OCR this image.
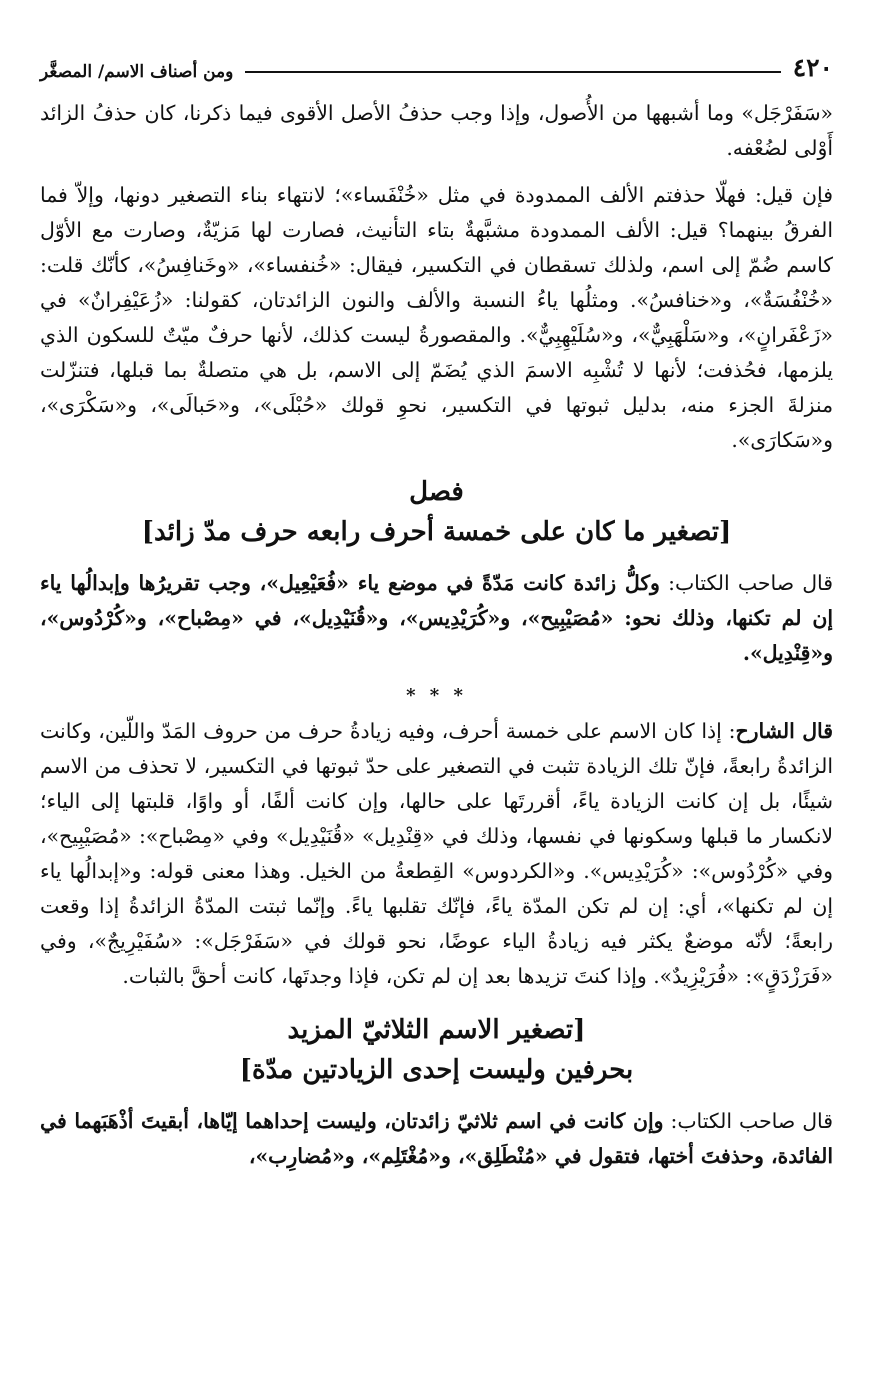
٤٢٠
ومن أصناف الاسم/ المصغَّر

«سَفَرْجَل» وما أشبهها من الأُصول، وإذا وجب حذفُ الأصل الأقوى فيما ذكرنا، كان حذفُ الزائد أَوْلى لضُعْفه.

فإن قيل: فهلّا حذفتم الألف الممدودة في مثل «خُنْفَساء»؛ لانتهاء بناء التصغير دونها، وإلاّ فما الفرقُ بينهما؟ قيل: الألف الممدودة مشبَّهةٌ بتاء التأنيث، فصارت لها مَزيّةٌ، وصارت مع الأوّل كاسم ضُمّ إلى اسم، ولذلك تسقطان في التكسير، فيقال: «خُنفساء»، «وخَنافِسُ»، كأنّك قلت: «خُنْفُسَةٌ»، و«خنافسُ». ومثلُها ياءُ النسبة والألف والنون الزائدتان، كقولنا: «زُعَيْفِرانٌ» في «زَعْفَرانٍ»، و«سَلْهَبِيٌّ»، و«سُلَيْهِبِيٌّ». والمقصورةُ ليست كذلك، لأنها حرفٌ ميّتٌ للسكون الذي يلزمها، فحُذفت؛ لأنها لا تُشْبِه الاسمَ الذي يُضَمّ إلى الاسم، بل هي متصلةٌ بما قبلها، فتنزّلت منزلةَ الجزء منه، بدليل ثبوتها في التكسير، نحوِ قولك «حُبْلَى»، و«حَبالَى»، و«سَكْرَى»، و«سَكارَى».

فصل

[تصغير ما كان على خمسة أحرف رابعه حرف مدّ زائد]

قال صاحب الكتاب: وكلُّ زائدة كانت مَدّةً في موضع ياء «فُعَيْعِيل»، وجب تقريرُها وإبدالُها ياء إن لم تكنها، وذلك نحو: «مُصَيْبِيح»، و«كُرَيْدِيس»، و«قُنَيْدِيل»، في «مِصْباح»، و«كُرْدُوس»، و«قِنْدِيل».

* * *

قال الشارح: إذا كان الاسم على خمسة أحرف، وفيه زيادةُ حرف من حروف المَدّ واللّين، وكانت الزائدةُ رابعةً، فإنّ تلك الزيادة تثبت في التصغير على حدّ ثبوتها في التكسير، لا تحذف من الاسم شيئًا، بل إن كانت الزيادة ياءً، أقررتَها على حالها، وإن كانت ألفًا، أو واوًا، قلبتها إلى الياء؛ لانكسار ما قبلها وسكونها في نفسها، وذلك في «قِنْدِيل» «قُنَيْدِيل» وفي «مِصْباح»: «مُصَيْبِيح»، وفي «كُرْدُوس»: «كُرَيْدِيس». و«الكردوس» القِطعةُ من الخيل. وهذا معنى قوله: و«إبدالُها ياء إن لم تكنها»، أي: إن لم تكن المدّة ياءً، فإنّك تقلبها ياءً. وإنّما ثبتت المدّةُ الزائدةُ إذا وقعت رابعةً؛ لأنّه موضعٌ يكثر فيه زيادةُ الياء عوضًا، نحو قولك في «سَفَرْجَل»: «سُفَيْرِيجٌ»، وفي «فَرَزْدَقٍ»: «فُرَيْزِيدٌ». وإذا كنتَ تزيدها بعد إن لم تكن، فإذا وجدتَها، كانت أحقَّ بالثبات.

[تصغير الاسم الثلاثيّ المزيد

بحرفين وليست إحدى الزيادتين مدّة]

قال صاحب الكتاب: وإن كانت في اسم ثلاثيّ زائدتان، وليست إحداهما إيّاها، أبقيتَ أذْهَبَهما في الفائدة، وحذفتَ أختها، فتقول في «مُنْطَلِق»، و«مُغْتَلِم»، و«مُضارِب»،
